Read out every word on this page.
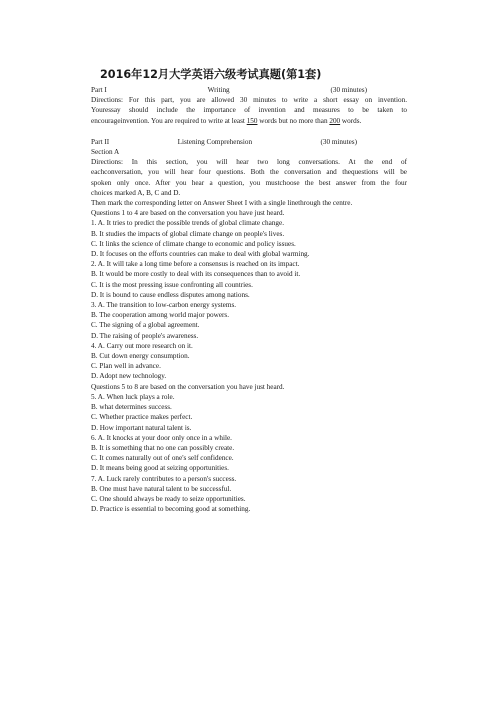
2016年12月大学英语六级考试真题(第1套)
Part I	Writing	(30 minutes)
Directions: For this part, you are allowed 30 minutes to write a short essay on invention.
Youressay should include the importance of invention and measures to be taken to
encourageinvention. You are required to write at least 150 words but no more than 200 words.
Part II	Listening Comprehension	(30 minutes)
Section A
Directions: In this section, you will hear two long conversations. At the end of
eachconversation, you will hear four questions. Both the conversation and thequestions will be
spoken only once. After you hear a question, you mustchoose the best answer from the four
choices marked A, B, C and D.
Then mark the corresponding letter on Answer Sheet I with a single linethrough the centre.
Questions 1 to 4 are based on the conversation you have just heard.
1. A. It tries to predict the possible trends of global climate change.
B. It studies the impacts of global climate change on people's lives.
C. It links the science of climate change to economic and policy issues.
D. It focuses on the efforts countries can make to deal with global warming.
2. A. It will take a long time before a consensus is reached on its impact.
B. It would be more costly to deal with its consequences than to avoid it.
C. It is the most pressing issue confronting all countries.
D. It is bound to cause endless disputes among nations.
3. A. The transition to low-carbon energy systems.
B. The cooperation among world major powers.
C. The signing of a global agreement.
D. The raising of people's awareness.
4. A. Carry out more research on it.
B. Cut down energy consumption.
C. Plan well in advance.
D. Adopt new technology.
Questions 5 to 8 are based on the conversation you have just heard.
5. A. When luck plays a role.
B. what determines success.
C. Whether practice makes perfect.
D. How important natural talent is.
6. A. It knocks at your door only once in a while.
B. It is something that no one can possibly create.
C. It comes naturally out of one's self confidence.
D. It means being good at seizing opportunities.
7. A. Luck rarely contributes to a person's success.
B. One must have natural talent to be successful.
C. One should always be ready to seize opportunities.
D. Practice is essential to becoming good at something.
